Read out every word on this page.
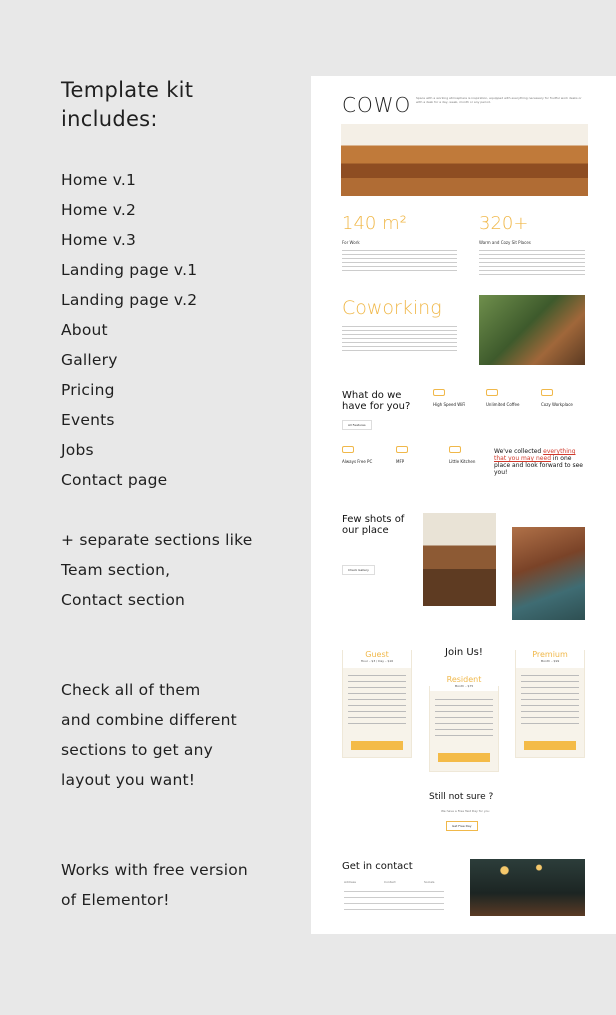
Template kit
includes:
Home v.1
Home v.2
Home v.3
Landing page v.1
Landing page v.2
About
Gallery
Pricing
Events
Jobs
Contact page
+ separate sections like
Team section,
Contact section
Check all of them
and combine different
sections to get any
layout you want!
Works with free version
of Elementor!
COWO Space with a working atmosphere is inspiration, equipped with everything necessary for fruitful work desks or with a desk for a day, week, month or any period.
140 m²
For Work
320+
Warm and Cozy Sit Places
Coworking
What do we have for you?
All Features
High Speed WiFi	Unlimited Coffee	Cozy Workplace
Always Free PC	MFP	Little Kitchen
We've collected everything that you may need in one place and look forward to see you!
Few shots of our place
Check Gallery
Join Us!
Guest
Hour – $3 / Day – $16
Resident
Month – $75
Premium
Month – $99
Still not sure ?
We have a Free Test Day for you
Get Free Day
Get in contact
Address	Contact	Socials
